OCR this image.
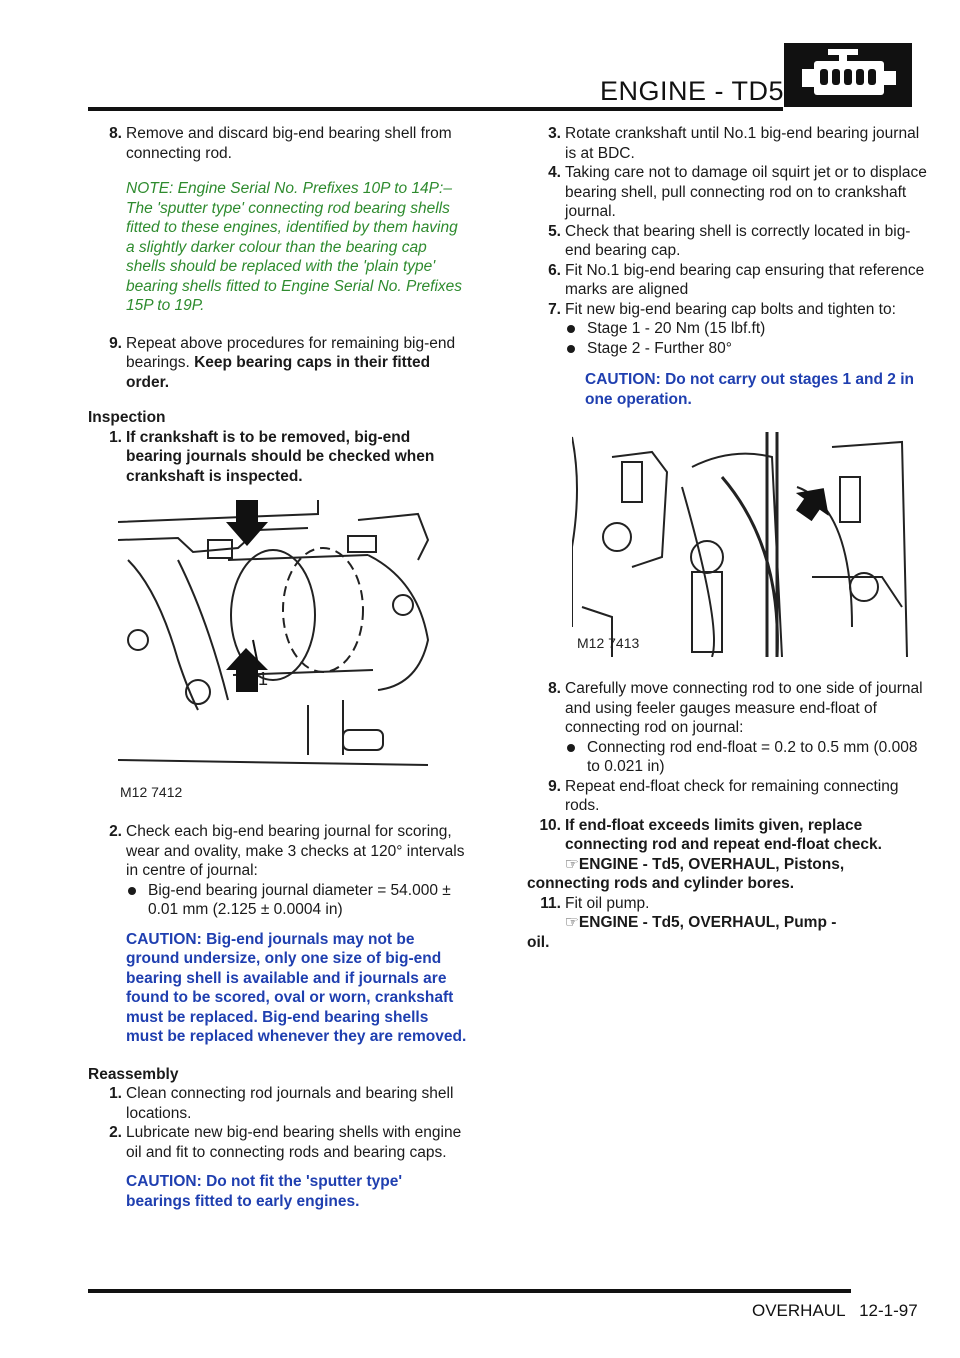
ENGINE - TD5
8. Remove and discard big-end bearing shell from connecting rod.
NOTE: Engine Serial No. Prefixes 10P to 14P:– The 'sputter type' connecting rod bearing shells fitted to these engines, identified by them having a slightly darker colour than the bearing cap shells should be replaced with the 'plain type' bearing shells fitted to Engine Serial No. Prefixes 15P to 19P.
9. Repeat above procedures for remaining big-end bearings. Keep bearing caps in their fitted order.
Inspection
1. If crankshaft is to be removed, big-end bearing journals should be checked when crankshaft is inspected.
1
M12 7412
2. Check each big-end bearing journal for scoring, wear and ovality, make 3 checks at 120° intervals in centre of journal:
Big-end bearing journal diameter = 54.000 ± 0.01 mm (2.125 ± 0.0004 in)
CAUTION: Big-end journals may not be ground undersize, only one size of big-end bearing shell is available and if journals are found to be scored, oval or worn, crankshaft must be replaced. Big-end bearing shells must be replaced whenever they are removed.
Reassembly
1. Clean connecting rod journals and bearing shell locations.
2. Lubricate new big-end bearing shells with engine oil and fit to connecting rods and bearing caps.
CAUTION: Do not fit the 'sputter type' bearings fitted to early engines.
3. Rotate crankshaft until No.1 big-end bearing journal is at BDC.
4. Taking care not to damage oil squirt jet or to displace bearing shell, pull connecting rod on to crankshaft journal.
5. Check that bearing shell is correctly located in big-end bearing cap.
6. Fit No.1 big-end bearing cap ensuring that reference marks are aligned
7. Fit new big-end bearing cap bolts and tighten to:
Stage 1 - 20 Nm (15 lbf.ft)
Stage 2 - Further 80°
CAUTION: Do not carry out stages 1 and 2 in one operation.
M12 7413
8. Carefully move connecting rod to one side of journal and using feeler gauges measure end-float of connecting rod on journal:
Connecting rod end-float = 0.2 to 0.5 mm (0.008 to 0.021 in)
9. Repeat end-float check for remaining connecting rods.
10. If end-float exceeds limits given, replace connecting rod and repeat end-float check.
☞ENGINE - Td5, OVERHAUL, Pistons,
connecting rods and cylinder bores.
11. Fit oil pump.
☞ENGINE - Td5, OVERHAUL, Pump -
oil.
OVERHAUL   12-1-97
